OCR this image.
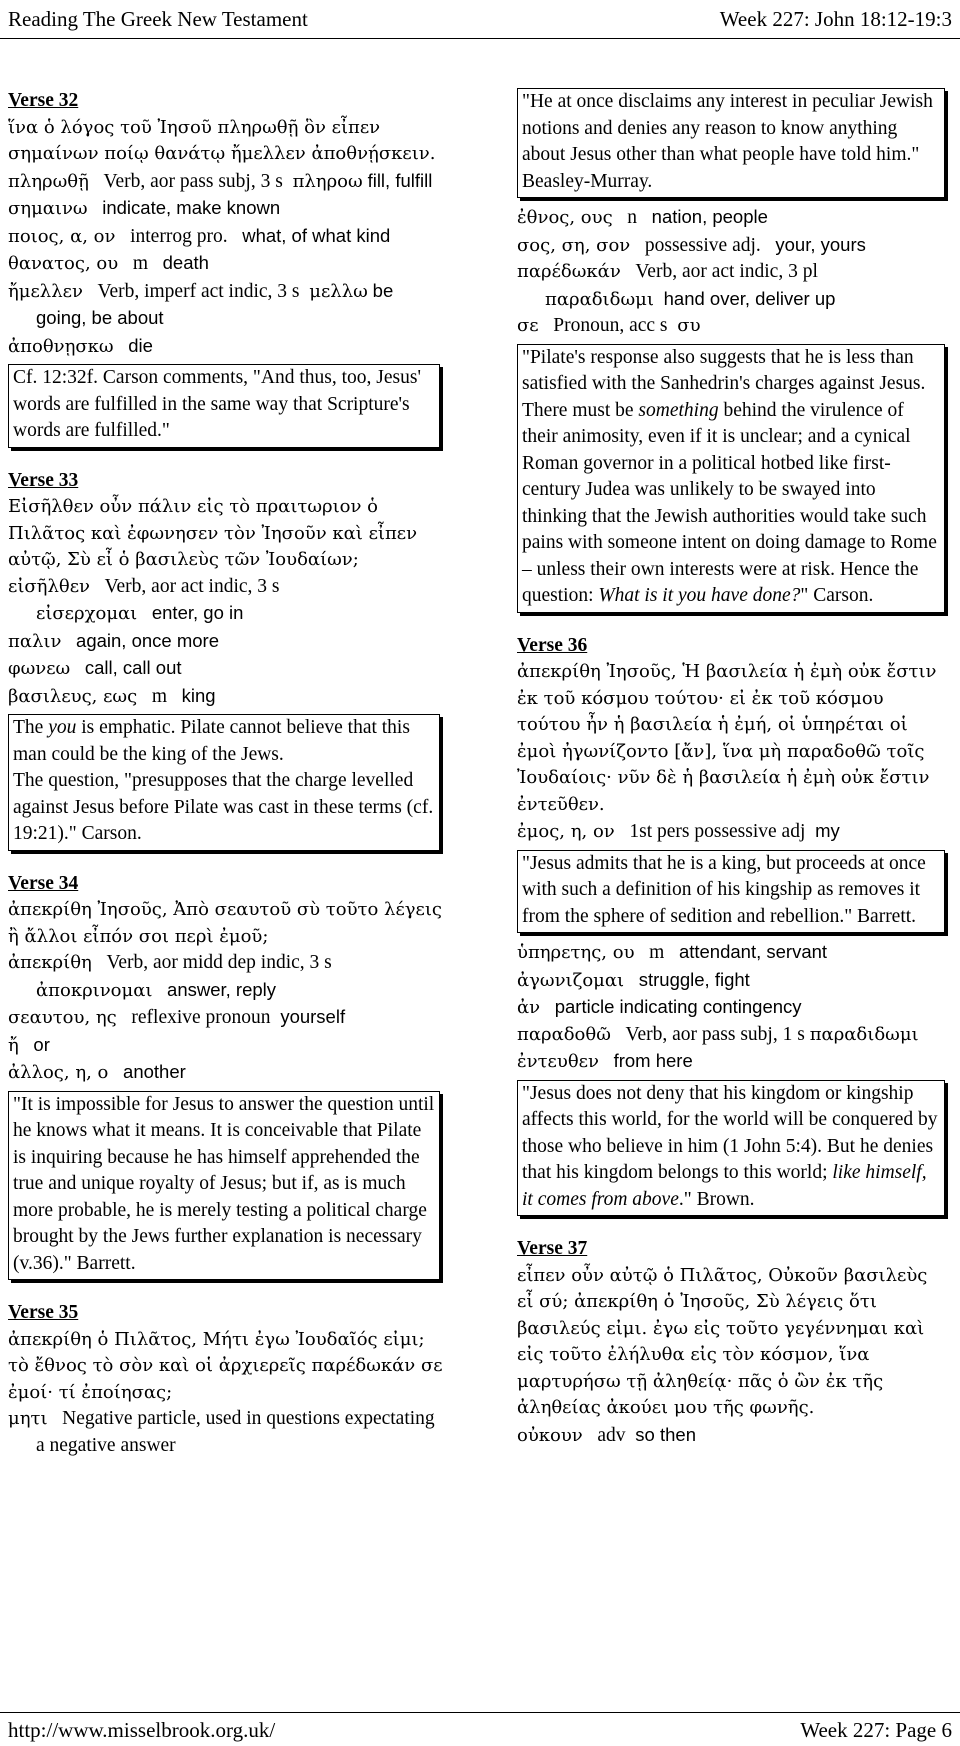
Reading The Greek New Testament	Week 227: John 18:12-19:3
Verse 32
ἵνα ὁ λόγος τοῦ Ἰησοῦ πληρωθῇ ὃν εἶπεν σημαίνων ποίῳ θανάτῳ ἤμελλεν ἀποθνῄσκειν.
πληρωθῇ Verb, aor pass subj, 3 s πληροω fill, fulfill
σημαινω indicate, make known
ποιος, α, ον interrog pro. what, of what kind
θανατος, ου m death
ἤμελλεν Verb, imperf act indic, 3 s μελλω be going, be about
ἀποθνῃσκω die
Cf. 12:32f. Carson comments, "And thus, too, Jesus' words are fulfilled in the same way that Scripture's words are fulfilled."
Verse 33
Εἰσῆλθεν οὖν πάλιν εἰς τὸ πραιτωριον ὁ Πιλᾶτος καὶ ἐφωνησεν τὸν Ἰησοῦν καὶ εἶπεν αὐτῷ, Σὺ εἶ ὁ βασιλεὺς τῶν Ἰουδαίων;
εἰσῆλθεν Verb, aor act indic, 3 s εἰσερχομαι enter, go in
παλιν again, once more
φωνεω call, call out
βασιλευς, εως m king
The you is emphatic. Pilate cannot believe that this man could be the king of the Jews.
The question, "presupposes that the charge levelled against Jesus before Pilate was cast in these terms (cf. 19:21)." Carson.
Verse 34
ἀπεκρίθη Ἰησοῦς, Ἀπὸ σεαυτοῦ σὺ τοῦτο λέγεις ἢ ἄλλοι εἶπόν σοι περὶ ἐμοῦ;
ἀπεκρίθη Verb, aor midd dep indic, 3 s ἀποκρινομαι answer, reply
σεαυτου, ης reflexive pronoun yourself
ἤ or
ἀλλος, η, ο another
"It is impossible for Jesus to answer the question until he knows what it means. It is conceivable that Pilate is inquiring because he has himself apprehended the true and unique royalty of Jesus; but if, as is much more probable, he is merely testing a political charge brought by the Jews further explanation is necessary (v.36)." Barrett.
Verse 35
ἀπεκρίθη ὁ Πιλᾶτος, Μήτι ἐγω Ἰουδαῖός εἰμι; τὸ ἔθνος τὸ σὸν καὶ οἱ ἀρχιερεῖς παρέδωκάν σε ἐμοί· τί ἐποίησας;
μητι Negative particle, used in questions expectating a negative answer
"He at once disclaims any interest in peculiar Jewish notions and denies any reason to know anything about Jesus other than what people have told him." Beasley-Murray.
ἐθνος, ους n nation, people
σος, ση, σον possessive adj. your, yours
παρέδωκάν Verb, aor act indic, 3 pl παραδιδωμι hand over, deliver up
σε Pronoun, acc s συ
"Pilate's response also suggests that he is less than satisfied with the Sanhedrin's charges against Jesus. There must be something behind the virulence of their animosity, even if it is unclear; and a cynical Roman governor in a political hotbed like first-century Judea was unlikely to be swayed into thinking that the Jewish authorities would take such pains with someone intent on doing damage to Rome – unless their own interests were at risk. Hence the question: What is it you have done?" Carson.
Verse 36
ἀπεκρίθη Ἰησοῦς, Ἡ βασιλεία ἡ ἐμὴ οὐκ ἔστιν ἐκ τοῦ κόσμου τούτου· εἰ ἐκ τοῦ κόσμου τούτου ἦν ἡ βασιλεία ἡ ἐμή, οἱ ὑπηρέται οἱ ἐμοὶ ἠγωνίζοντο [ἄν], ἵνα μὴ παραδοθῶ τοῖς Ἰουδαίοις· νῦν δὲ ἡ βασιλεία ἡ ἐμὴ οὐκ ἔστιν ἐντεῦθεν.
ἐμος, η, ον 1st pers possessive adj my
"Jesus admits that he is a king, but proceeds at once with such a definition of his kingship as removes it from the sphere of sedition and rebellion." Barrett.
ὑπηρετης, ου m attendant, servant
ἀγωνιζομαι struggle, fight
ἀν particle indicating contingency
παραδοθῶ Verb, aor pass subj, 1 s παραδιδωμι
ἐντευθεν from here
"Jesus does not deny that his kingdom or kingship affects this world, for the world will be conquered by those who believe in him (1 John 5:4). But he denies that his kingdom belongs to this world; like himself, it comes from above." Brown.
Verse 37
εἶπεν οὖν αὐτῷ ὁ Πιλᾶτος, Οὐκοῦν βασιλεὺς εἶ σύ; ἀπεκρίθη ὁ Ἰησοῦς, Σὺ λέγεις ὅτι βασιλεύς εἰμι. ἐγω εἰς τοῦτο γεγέννημαι καὶ εἰς τοῦτο ἐλήλυθα εἰς τὸν κόσμον, ἵνα μαρτυρήσω τῇ ἀληθείᾳ· πᾶς ὁ ὢν ἐκ τῆς ἀληθείας ἀκούει μου τῆς φωνῆς.
οὐκουν adv so then
http://www.misselbrook.org.uk/	Week 227: Page 6
